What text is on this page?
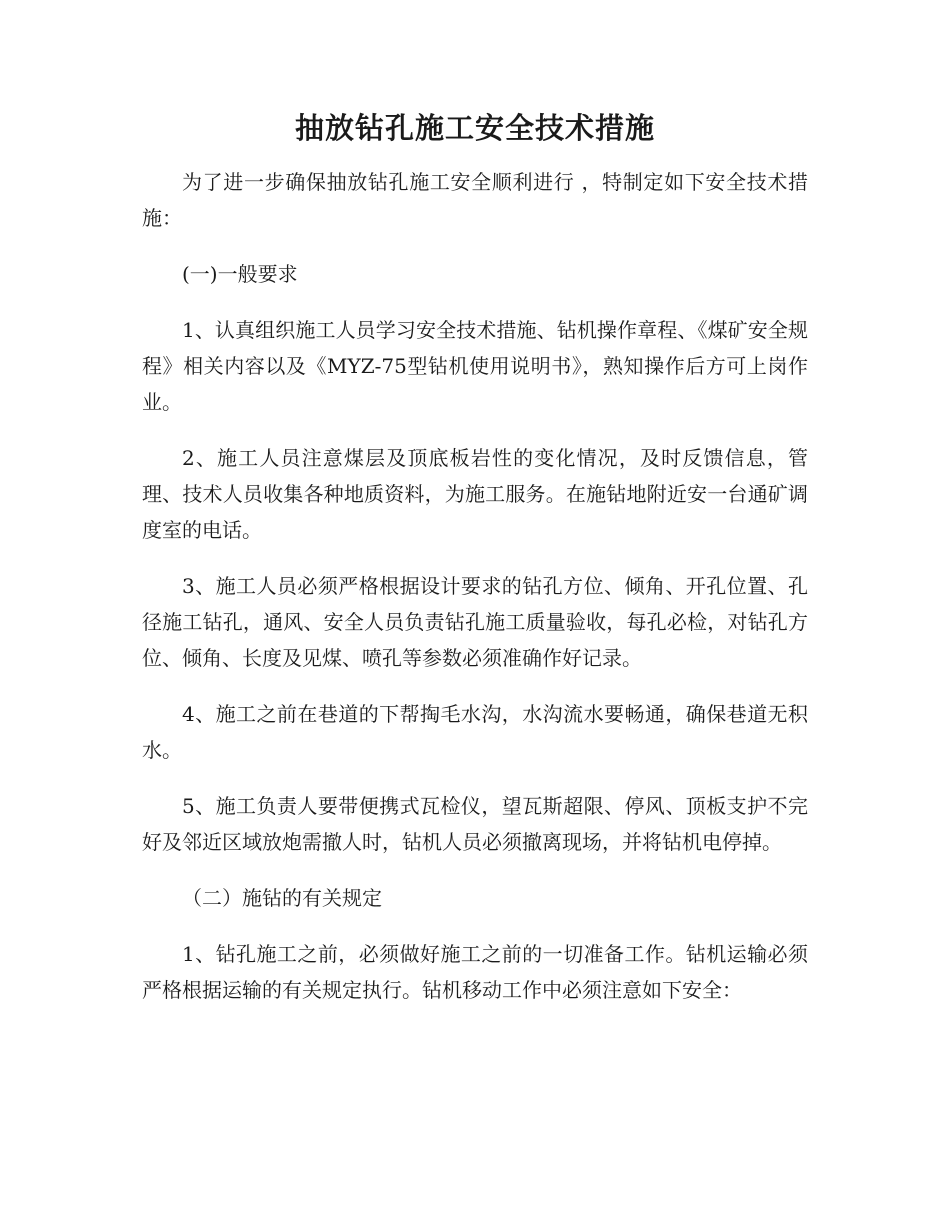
抽放钻孔施工安全技术措施

为了进一步确保抽放钻孔施工安全顺利进行 ，特制定如下安全技术措施：

(一)一般要求

1、认真组织施工人员学习安全技术措施、钻机操作章程、《煤矿安全规程》相关内容以及《MYZ-75型钻机使用说明书》，熟知操作后方可上岗作业。

2、施工人员注意煤层及顶底板岩性的变化情况，及时反馈信息，管理、技术人员收集各种地质资料，为施工服务。在施钻地附近安一台通矿调度室的电话。

3、施工人员必须严格根据设计要求的钻孔方位、倾角、开孔位置、孔径施工钻孔，通风、安全人员负责钻孔施工质量验收，每孔必检，对钻孔方位、倾角、长度及见煤、喷孔等参数必须准确作好记录。

4、施工之前在巷道的下帮掏毛水沟，水沟流水要畅通，确保巷道无积水。

5、施工负责人要带便携式瓦检仪，望瓦斯超限、停风、顶板支护不完好及邻近区域放炮需撤人时，钻机人员必须撤离现场，并将钻机电停掉。

（二）施钻的有关规定

1、钻孔施工之前，必须做好施工之前的一切准备工作。钻机运输必须严格根据运输的有关规定执行。钻机移动工作中必须注意如下安全：
